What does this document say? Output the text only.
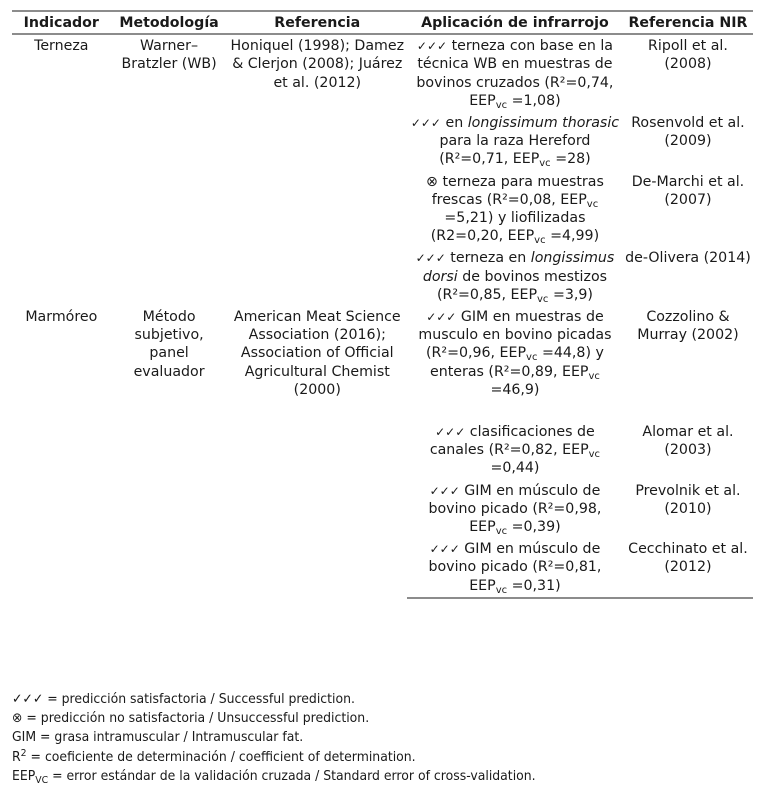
Indicador	Metodología	Referencia	Aplicación de infrarrojo	Referencia NIR
Terneza	Warner–Bratzler (WB)	Honiquel (1998); Damez & Clerjon (2008); Juárez et al. (2012)	✓✓✓ terneza con base en la técnica WB en muestras de bovinos cruzados (R²=0,74, $EEP_{vc} =1,08$)	Ripoll et al. (2008)
			✓✓✓ en longissimum thorasic para la raza Hereford (R²=0,71, $EEP_{vc} =28$)	Rosenvold et al. (2009)
			⊗ terneza para muestras frescas (R²=0,08, $EEP_{vc} =5,21$) y liofilizadas (R2=0,20, $EEP_{vc} =4,99$)	De-Marchi et al. (2007)
			✓✓✓ terneza en longissimus dorsi de bovinos mestizos (R²=0,85, $EEP_{vc} =3,9$)	de-Olivera (2014)
Marmóreo	Método subjetivo, panel evaluador	American Meat Science Association (2016); Association of Official Agricultural Chemist (2000)	✓✓✓ GIM en muestras de musculo en bovino picadas (R²=0,96, $EEP_{vc} =44,8$) y enteras (R²=0,89, $EEP_{vc} =46,9$)	Cozzolino & Murray (2002)
			✓✓✓ clasificaciones de canales (R²=0,82, $EEP_{vc} =0,44$)	Alomar et al. (2003)
			✓✓✓ GIM en músculo de bovino picado (R²=0,98, $EEP_{vc} =0,39$)	Prevolnik et al. (2010)
			✓✓✓ GIM en músculo de bovino picado (R²=0,81, $EEP_{vc} =0,31$)	Cecchinato et al. (2012)
✓✓✓ = predicción satisfactoria / Successful prediction.
⊗ = predicción no satisfactoria / Unsuccessful prediction.
GIM = grasa intramuscular / Intramuscular fat.
$R^2$ = coeficiente de determinación / coefficient of determination.
$EEP_{VC}$ = error estándar de la validación cruzada / Standard error of cross-validation.
